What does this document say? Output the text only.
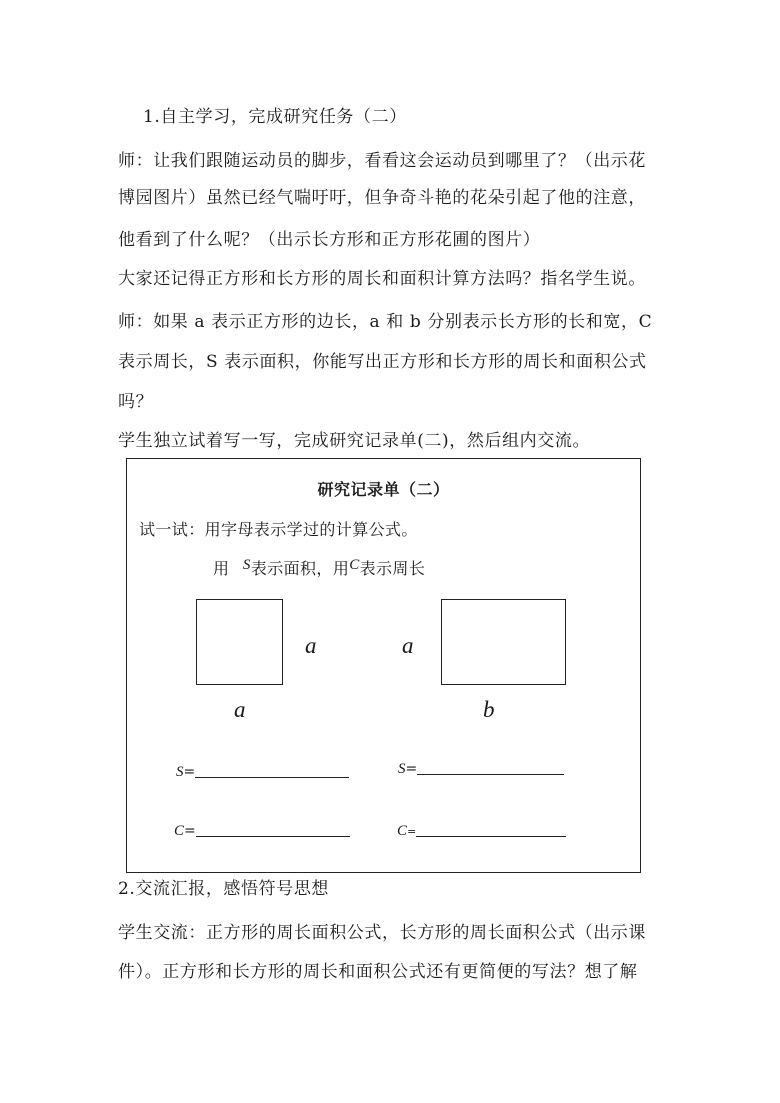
1.自主学习，完成研究任务（二）
师：让我们跟随运动员的脚步，看看这会运动员到哪里了？（出示花
博园图片）虽然已经气喘吁吁，但争奇斗艳的花朵引起了他的注意，
他看到了什么呢？（出示长方形和正方形花圃的图片）
大家还记得正方形和长方形的周长和面积计算方法吗？指名学生说。
师：如果 a 表示正方形的边长，a 和 b 分别表示长方形的长和宽，C
表示周长，S 表示面积，你能写出正方形和长方形的周长和面积公式
吗？
学生独立试着写一写，完成研究记录单(二)，然后组内交流。
研究记录单（二）
试一试：用字母表示学过的计算公式。
用 S表示面积，用C表示周长
a
a
a
b
S=	S=
C=	C=
2.交流汇报，感悟符号思想
学生交流：正方形的周长面积公式，长方形的周长面积公式（出示课
件）。正方形和长方形的周长和面积公式还有更简便的写法？想了解
